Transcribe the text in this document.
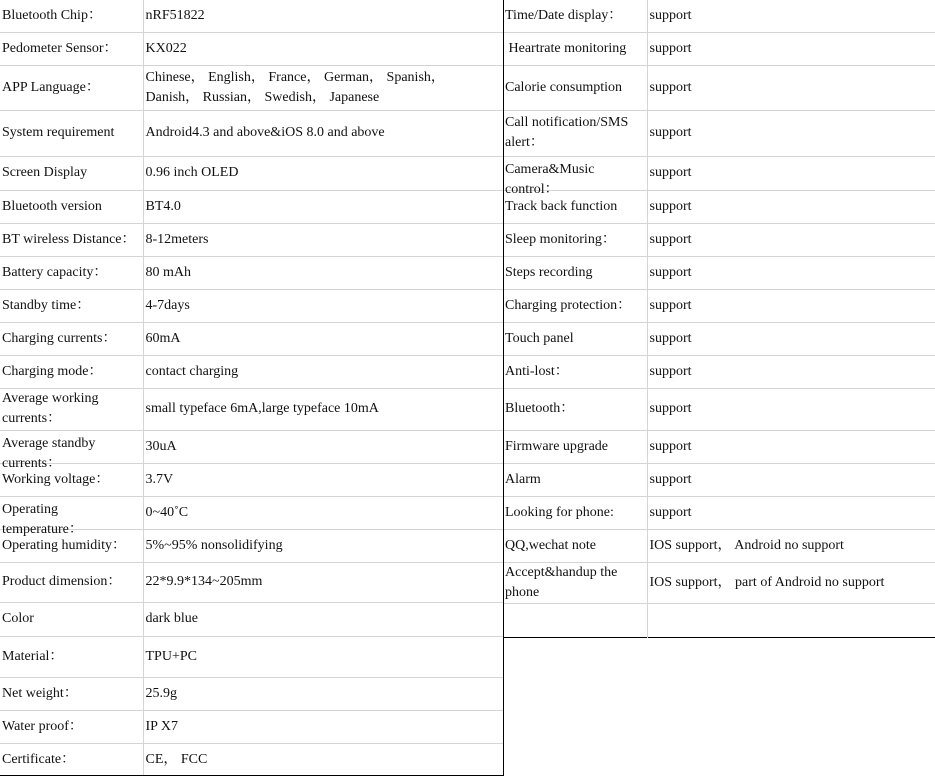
Bluetooth Chip：	nRF51822
Pedometer Sensor：	KX022
APP Language：	Chinese， English， France， German， Spanish， Danish， Russian， Swedish， Japanese
System requirement	Android4.3 and above&iOS 8.0 and above
Screen Display	0.96 inch OLED
Bluetooth version	BT4.0

BT wireless Distance：	8-12meters
Battery capacity：	80 mAh
Standby time：	4-7days
Charging currents：	60mA
Charging mode：	contact charging
Average working currents：	small typeface 6mA,large typeface 10mA

Average standby currents：	30uA
Working voltage：	3.7V

Operating temperature：	0~40˚C
Operating humidity：	5%~95% nonsolidifying
Product dimension：	22*9.9*134~205mm
Color	dark blue
Material：	TPU+PC
Net weight：	25.9g
Water proof：	IP X7
Certificate：	CE， FCC
Time/Date display：	support
Heartrate monitoring	support
Calorie consumption	support
Call notification/SMS alert：	support

Camera&Music control：	support
Track back function	support
Sleep monitoring：	support
Steps recording	support
Charging protection：	support
Touch panel	support
Anti-lost：	support
Bluetooth：	support
Firmware upgrade	support
Alarm	support
Looking for phone:	support
QQ,wechat note	IOS support， Android no support
Accept&handup the phone	IOS support， part of Android no support
